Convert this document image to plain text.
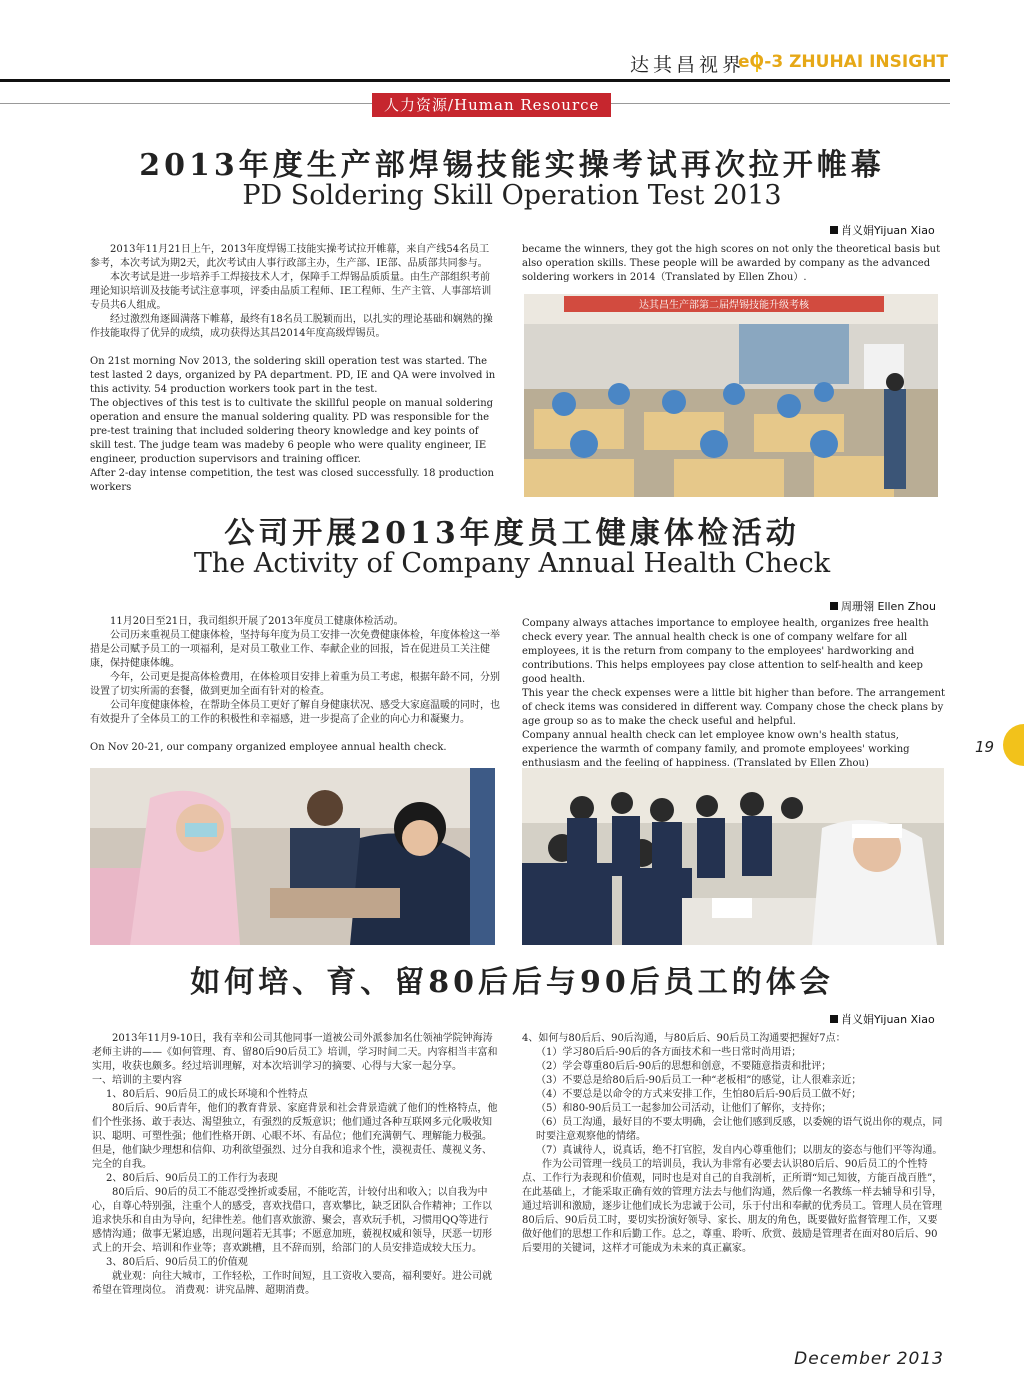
达其昌视界
eQ-3 ZHUHAI INSIGHT
人力资源/Human Resource
2013年度生产部焊锡技能实操考试再次拉开帷幕
PD Soldering Skill Operation Test 2013
肖义娟Yijuan Xiao

2013年11月21日上午，2013年度焊锡工技能实操考试拉开帷幕，来自产线54名员工参考，本次考试为期2天，此次考试由人事行政部主办，生产部、IE部、品质部共同参与。

本次考试是进一步培养手工焊接技术人才，保障手工焊锡品质质量。由生产部组织考前理论知识培训及技能考试注意事项，评委由品质工程师、IE工程师、生产主管、人事部培训专员共6人组成。

经过激烈角逐圆满落下帷幕，最终有18名员工脱颖而出，以扎实的理论基础和娴熟的操作技能取得了优异的成绩，成功获得达其昌2014年度高级焊锡员。

On 21st morning Nov 2013, the soldering skill operation test was started. The test lasted 2 days, organized by PA department. PD, IE and QA were involved in this activity. 54 production workers took part in the test.

The objectives of this test is to cultivate the skillful people on manual soldering operation and ensure the manual soldering quality. PD was responsible for the pre-test training that included soldering theory knowledge and key points of skill test. The judge team was madeby 6 people who were quality engineer, IE engineer, production supervisors and training officer.

After 2-day intense competition, the test was closed successfully. 18 production workers

became the winners, they got the high scores on not only the theoretical basis but also operation skills. These people will be awarded by company as the advanced soldering workers in 2014（Translated by Ellen Zhou）.

达其昌生产部第二届焊锡技能升级考核
公司开展2013年度员工健康体检活动
The Activity of Company Annual Health Check
周珊翎 Ellen Zhou

11月20日至21日，我司组织开展了2013年度员工健康体检活动。

公司历来重视员工健康体检，坚持每年度为员工安排一次免费健康体检，年度体检这一举措是公司赋予员工的一项福利，是对员工敬业工作、奉献企业的回报，旨在促进员工关注健康，保持健康体魄。

今年，公司更是提高体检费用，在体检项目安排上着重为员工考虑，根据年龄不同，分别设置了切实所需的套餐，做到更加全面有针对的检查。

公司年度健康体检，在帮助全体员工更好了解自身健康状况、感受大家庭温暖的同时，也有效提升了全体员工的工作的积极性和幸福感，进一步提高了企业的向心力和凝聚力。

On Nov 20-21, our company organized employee annual health check.

Company always attaches importance to employee health, organizes free health check every year. The annual health check is one of company welfare for all employees, it is the return from company to the employees' hardworking and contributions. This helps employees pay close attention to self-health and keep good health.

This year the check expenses were a little bit higher than before. The arrangement of check items was considered in different way. Company chose the check plans by age group so as to make the check useful and helpful.

Company annual health check can let employee know own's health status, experience the warmth of company family, and promote employees' working enthusiasm and the feeling of happiness. (Translated by Ellen Zhou)

如何培、育、留80后后与90后员工的体会
肖义娟Yijuan Xiao

2013年11月9-10日，我有幸和公司其他同事一道被公司外派参加名仕领袖学院钟海涛老师主讲的——《如何管理、育、留80后90后员工》培训，学习时间二天。内容相当丰富和实用，收获也颇多。经过培训理解，对本次培训学习的摘要、心得与大家一起分享。

一、培训的主要内容

1、80后后、90后员工的成长环境和个性特点

80后后、90后青年，他们的教育背景、家庭背景和社会背景造就了他们的性格特点，他们个性张扬、敢于表达、渴望独立，有强烈的反叛意识；他们通过各种互联网多元化吸收知识、聪明、可塑性强；他们性格开朗、心眼不坏、有品位；他们充满朝气、理解能力极强。但是，他们缺少理想和信仰、功利欲望强烈、过分自我和追求个性，漠视责任、蔑视义务、完全的自我。

2、80后后、90后员工的工作行为表现

80后后、90后的员工不能忍受挫折或委屈，不能吃苦，计较付出和收入；以自我为中心，自尊心特别强，注重个人的感受，喜欢找借口，喜欢攀比，缺乏团队合作精神；工作以追求快乐和自由为导向，纪律性差。他们喜欢旅游、聚会，喜欢玩手机，习惯用QQ等进行感情沟通；做事无紧迫感，出现问题若无其事；不愿意加班，藐视权威和领导，厌恶一切形式上的开会、培训和作业等；喜欢跳槽，且不辞而别，给部门的人员安排造成较大压力。

3、80后后、90后员工的价值观

就业观：向往大城市，工作轻松，工作时间短，且工资收入要高，福利要好。进公司就希望在管理岗位。 消费观：讲究品牌、超期消费。

4、如何与80后后、90后沟通，与80后后、90后员工沟通要把握好7点：

（1）学习80后后-90后的各方面技术和一些日常时尚用语；

（2）学会尊重80后后-90后的思想和创意，不要随意指责和批评；

（3）不要总是给80后后-90后员工一种“老板相”的感觉，让人很难亲近；

（4）不要总是以命令的方式来安排工作，生怕80后后-90后员工做不好；

（5）和80-90后员工一起参加公司活动，让他们了解你，支持你；

（6）员工沟通，最好目的不要太明确，会让他们感到反感，以委婉的语气说出你的观点，同时要注意观察他的情绪。

（7）真诚待人，说真话，绝不打官腔，发自内心尊重他们；以朋友的姿态与他们平等沟通。

作为公司管理一线员工的培训员，我认为非常有必要去认识80后后、90后员工的个性特点、工作行为表现和价值观，同时也是对自己的自我剖析，正所谓“知己知彼，方能百战百胜”，在此基础上，才能采取正确有效的管理方法去与他们沟通，然后像一名教练一样去辅导和引导，通过培训和激励，逐步让他们成长为忠诚于公司，乐于付出和奉献的优秀员工。管理人员在管理80后后、90后员工时，要切实扮演好领导、家长、朋友的角色，既要做好监督管理工作，又要做好他们的思想工作和后勤工作。总之，尊重、聆听、欣赏、鼓励是管理者在面对80后后、90后要用的关键词，这样才可能成为未来的真正赢家。

19
December 2013
